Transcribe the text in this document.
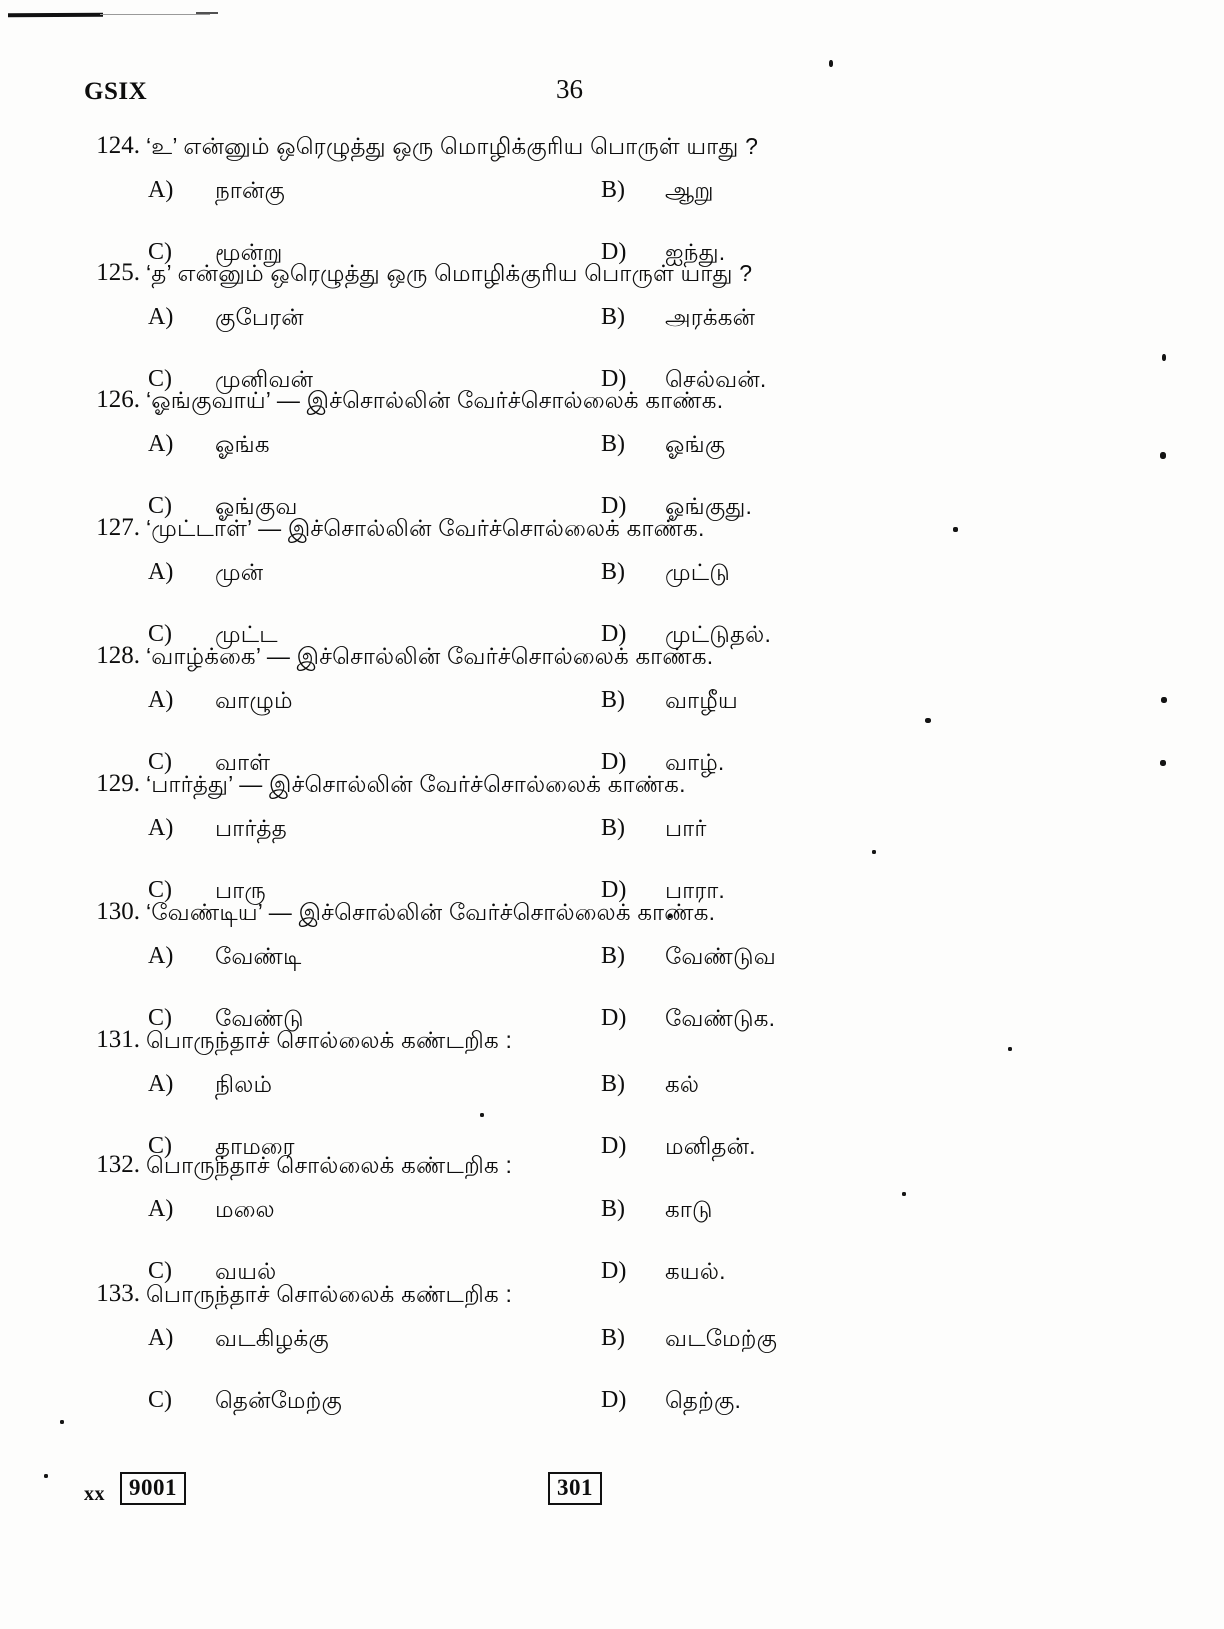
GSIX	36
124. ‘உ’ என்னும் ஒரெழுத்து ஒரு மொழிக்குரிய பொருள் யாது ?
A) நான்கு	B) ஆறு
C) மூன்று	D) ஐந்து.
125. ‘த’ என்னும் ஒரெழுத்து ஒரு மொழிக்குரிய பொருள் யாது ?
A) குபேரன்	B) அரக்கன்
C) முனிவன்	D) செல்வன்.
126. ‘ஓங்குவாய்’ — இச்சொல்லின் வேர்ச்சொல்லைக் காண்க.
A) ஓங்க	B) ஓங்கு
C) ஓங்குவ	D) ஓங்குது.
127. ‘முட்டாள்’ — இச்சொல்லின் வேர்ச்சொல்லைக் காண்க.
A) முன்	B) முட்டு
C) முட்ட	D) முட்டுதல்.
128. ‘வாழ்க்கை’ — இச்சொல்லின் வேர்ச்சொல்லைக் காண்க.
A) வாழும்	B) வாழீய
C) வாள்	D) வாழ்.
129. ‘பார்த்து’ — இச்சொல்லின் வேர்ச்சொல்லைக் காண்க.
A) பார்த்த	B) பார்
C) பாரு	D) பாரா.
130. ‘வேண்டிய’ — இச்சொல்லின் வேர்ச்சொல்லைக் காண்க.
A) வேண்டி	B) வேண்டுவ
C) வேண்டு	D) வேண்டுக.
131. பொருந்தாச் சொல்லைக் கண்டறிக :
A) நிலம்	B) கல்
C) தாமரை	D) மனிதன்.
132. பொருந்தாச் சொல்லைக் கண்டறிக :
A) மலை	B) காடு
C) வயல்	D) கயல்.
133. பொருந்தாச் சொல்லைக் கண்டறிக :
A) வடகிழக்கு	B) வடமேற்கு
C) தென்மேற்கு	D) தெற்கு.
xx	9001	301
